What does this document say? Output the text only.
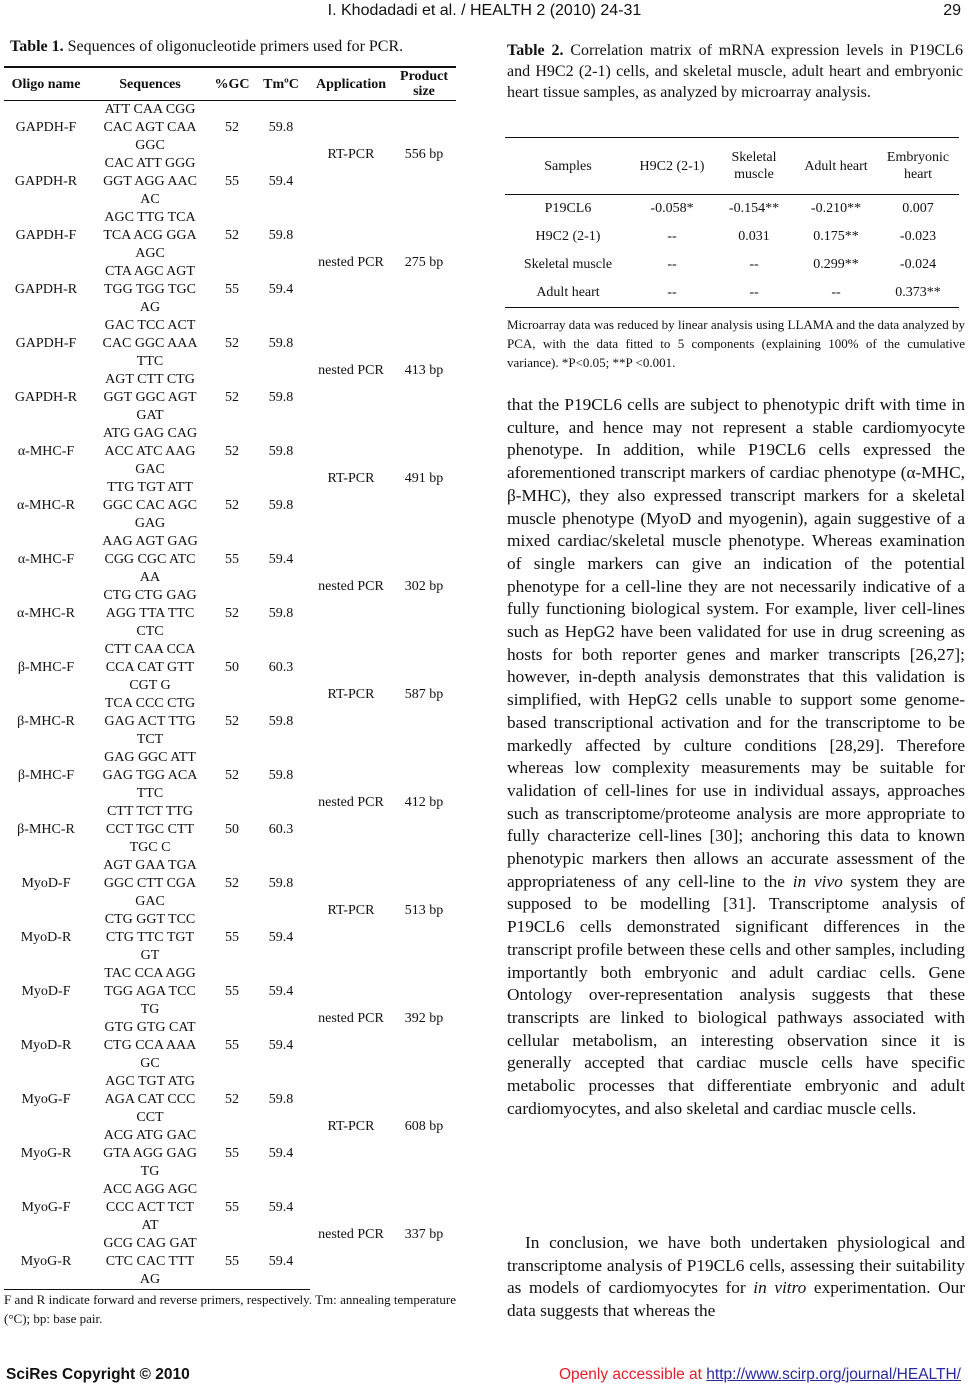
I. Khodadadi et al. / HEALTH 2 (2010) 24-31	29
Table 1. Sequences of oligonucleotide primers used for PCR.
Oligo name	Sequences	%GC	TmºC	Application	Product size
GAPDH-F	ATT CAA CGG
CAC AGT CAA
GGC	52	59.8	RT-PCR	556 bp
GAPDH-R	CAC ATT GGG
GGT AGG AAC
AC	55	59.4		
GAPDH-F	AGC TTG TCA
TCA ACG GGA
AGC	52	59.8	nested PCR	275 bp
GAPDH-R	CTA AGC AGT
TGG TGG TGC
AG	55	59.4		
GAPDH-F	GAC TCC ACT
CAC GGC AAA
TTC	52	59.8	nested PCR	413 bp
GAPDH-R	AGT CTT CTG
GGT GGC AGT
GAT	52	59.8		
α-MHC-F	ATG GAG CAG
ACC ATC AAG
GAC	52	59.8	RT-PCR	491 bp
α-MHC-R	TTG TGT ATT
GGC CAC AGC
GAG	52	59.8		
α-MHC-F	AAG AGT GAG
CGG CGC ATC
AA	55	59.4	nested PCR	302 bp
α-MHC-R	CTG CTG GAG
AGG TTA TTC
CTC	52	59.8		
β-MHC-F	CTT CAA CCA
CCA CAT GTT
CGT G	50	60.3	RT-PCR	587 bp
β-MHC-R	TCA CCC CTG
GAG ACT TTG
TCT	52	59.8		
β-MHC-F	GAG GGC ATT
GAG TGG ACA
TTC	52	59.8	nested PCR	412 bp
β-MHC-R	CTT TCT TTG
CCT TGC CTT
TGC C	50	60.3		
MyoD-F	AGT GAA TGA
GGC CTT CGA
GAC	52	59.8	RT-PCR	513 bp
MyoD-R	CTG GGT TCC
CTG TTC TGT
GT	55	59.4		
MyoD-F	TAC CCA AGG
TGG AGA TCC
TG	55	59.4	nested PCR	392 bp
MyoD-R	GTG GTG CAT
CTG CCA AAA
GC	55	59.4		
MyoG-F	AGC TGT ATG
AGA CAT CCC
CCT	52	59.8	RT-PCR	608 bp
MyoG-R	ACG ATG GAC
GTA AGG GAG
TG	55	59.4		
MyoG-F	ACC AGG AGC
CCC ACT TCT
AT	55	59.4	nested PCR	337 bp
MyoG-R	GCG CAG GAT
CTC CAC TTT
AG	55	59.4		
F and R indicate forward and reverse primers, respectively. Tm: annealing temperature (°C); bp: base pair.
Table 2. Correlation matrix of mRNA expression levels in P19CL6 and H9C2 (2-1) cells, and skeletal muscle, adult heart and embryonic heart tissue samples, as analyzed by microarray analysis.
Samples	H9C2 (2-1)	Skeletal muscle	Adult heart	Embryonic heart
P19CL6	-0.058*	-0.154**	-0.210**	0.007
H9C2 (2-1)	--	0.031	0.175**	-0.023
Skeletal muscle	--	--	0.299**	-0.024
Adult heart	--	--	--	0.373**
Microarray data was reduced by linear analysis using LLAMA and the data analyzed by PCA, with the data fitted to 5 components (explaining 100% of the cumulative variance). *P<0.05; **P <0.001.
that the P19CL6 cells are subject to phenotypic drift with time in culture, and hence may not represent a stable cardiomyocyte phenotype. In addition, while P19CL6 cells expressed the aforementioned transcript markers of cardiac phenotype (α-MHC, β-MHC), they also expressed transcript markers for a skeletal muscle phenotype (MyoD and myogenin), again suggestive of a mixed cardiac/skeletal muscle phenotype. Whereas examination of single markers can give an indication of the potential phenotype for a cell-line they are not necessarily indicative of a fully functioning biological system. For example, liver cell-lines such as HepG2 have been validated for use in drug screening as hosts for both reporter genes and marker transcripts [26,27]; however, in-depth analysis demonstrates that this validation is simplified, with HepG2 cells unable to support some genome-based transcriptional activation and for the transcriptome to be markedly affected by culture conditions [28,29]. Therefore whereas low complexity measurements may be suitable for validation of cell-lines for use in individual assays, approaches such as transcriptome/proteome analysis are more appropriate to fully characterize cell-lines [30]; anchoring this data to known phenotypic markers then allows an accurate assessment of the appropriateness of any cell-line to the in vivo system they are supposed to be modelling [31]. Transcriptome analysis of P19CL6 cells demonstrated significant differences in the transcript profile between these cells and other samples, including importantly both embryonic and adult cardiac cells. Gene Ontology over-representation analysis suggests that these transcripts are linked to biological pathways associated with cellular metabolism, an interesting observation since it is generally accepted that cardiac muscle cells have specific metabolic processes that differentiate embryonic and adult cardiomyocytes, and also skeletal and cardiac muscle cells.
In conclusion, we have both undertaken physiological and transcriptome analysis of P19CL6 cells, assessing their suitability as models of cardiomyocytes for in vitro experimentation. Our data suggests that whereas the
SciRes Copyright © 2010	Openly accessible at http://www.scirp.org/journal/HEALTH/
